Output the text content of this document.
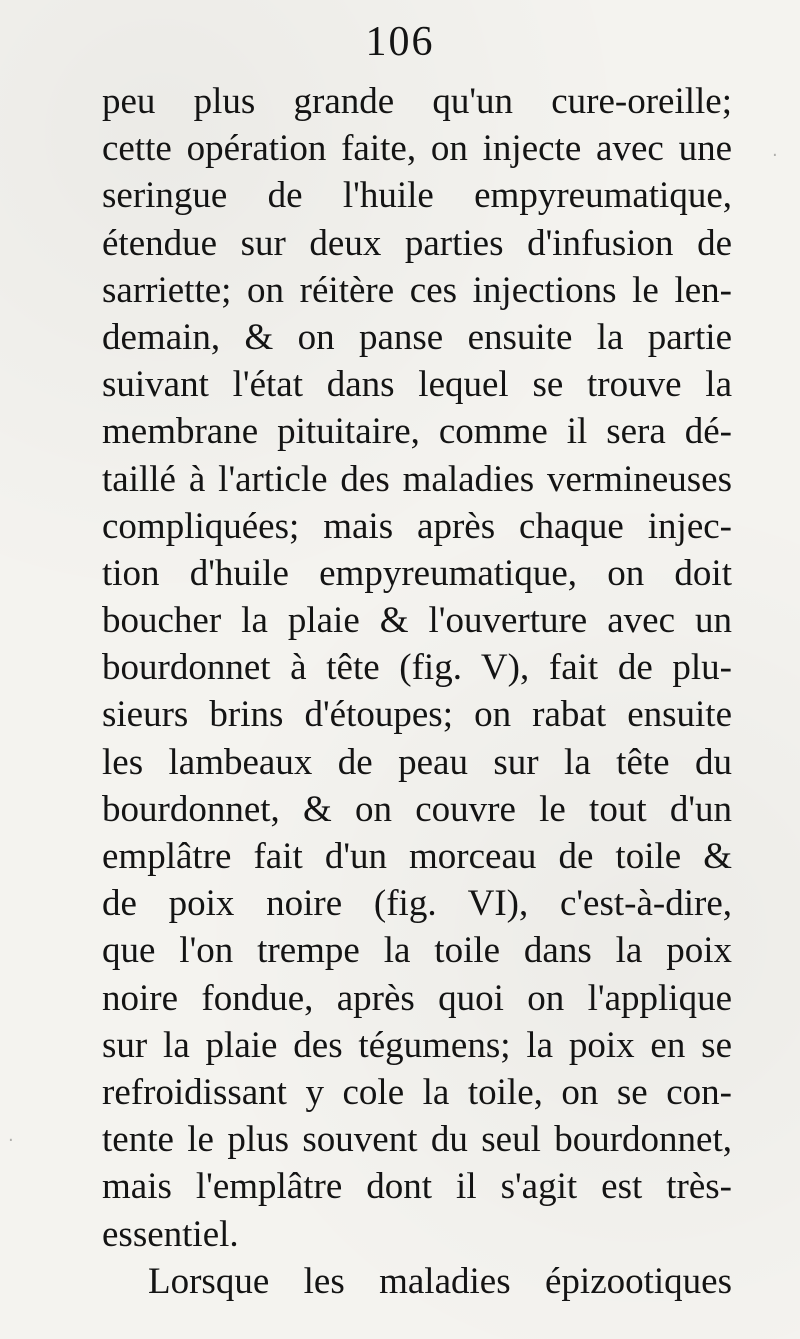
·
·
106
peu plus grande qu'un cure-oreille;
cette opération faite, on injecte avec une
seringue de l'huile empyreumatique,
étendue sur deux parties d'infusion de
sarriette; on réitère ces injections le len-
demain, & on panse ensuite la partie
suivant l'état dans lequel se trouve la
membrane pituitaire, comme il sera dé-
taillé à l'article des maladies vermineuses
compliquées; mais après chaque injec-
tion d'huile empyreumatique, on doit
boucher la plaie & l'ouverture avec un
bourdonnet à tête (fig. V), fait de plu-
sieurs brins d'étoupes; on rabat ensuite
les lambeaux de peau sur la tête du
bourdonnet, & on couvre le tout d'un
emplâtre fait d'un morceau de toile &
de poix noire (fig. VI), c'est-à-dire,
que l'on trempe la toile dans la poix
noire fondue, après quoi on l'applique
sur la plaie des tégumens; la poix en se
refroidissant y cole la toile, on se con-
tente le plus souvent du seul bourdonnet,
mais l'emplâtre dont il s'agit est très-
essentiel.
Lorsque les maladies épizootiques
